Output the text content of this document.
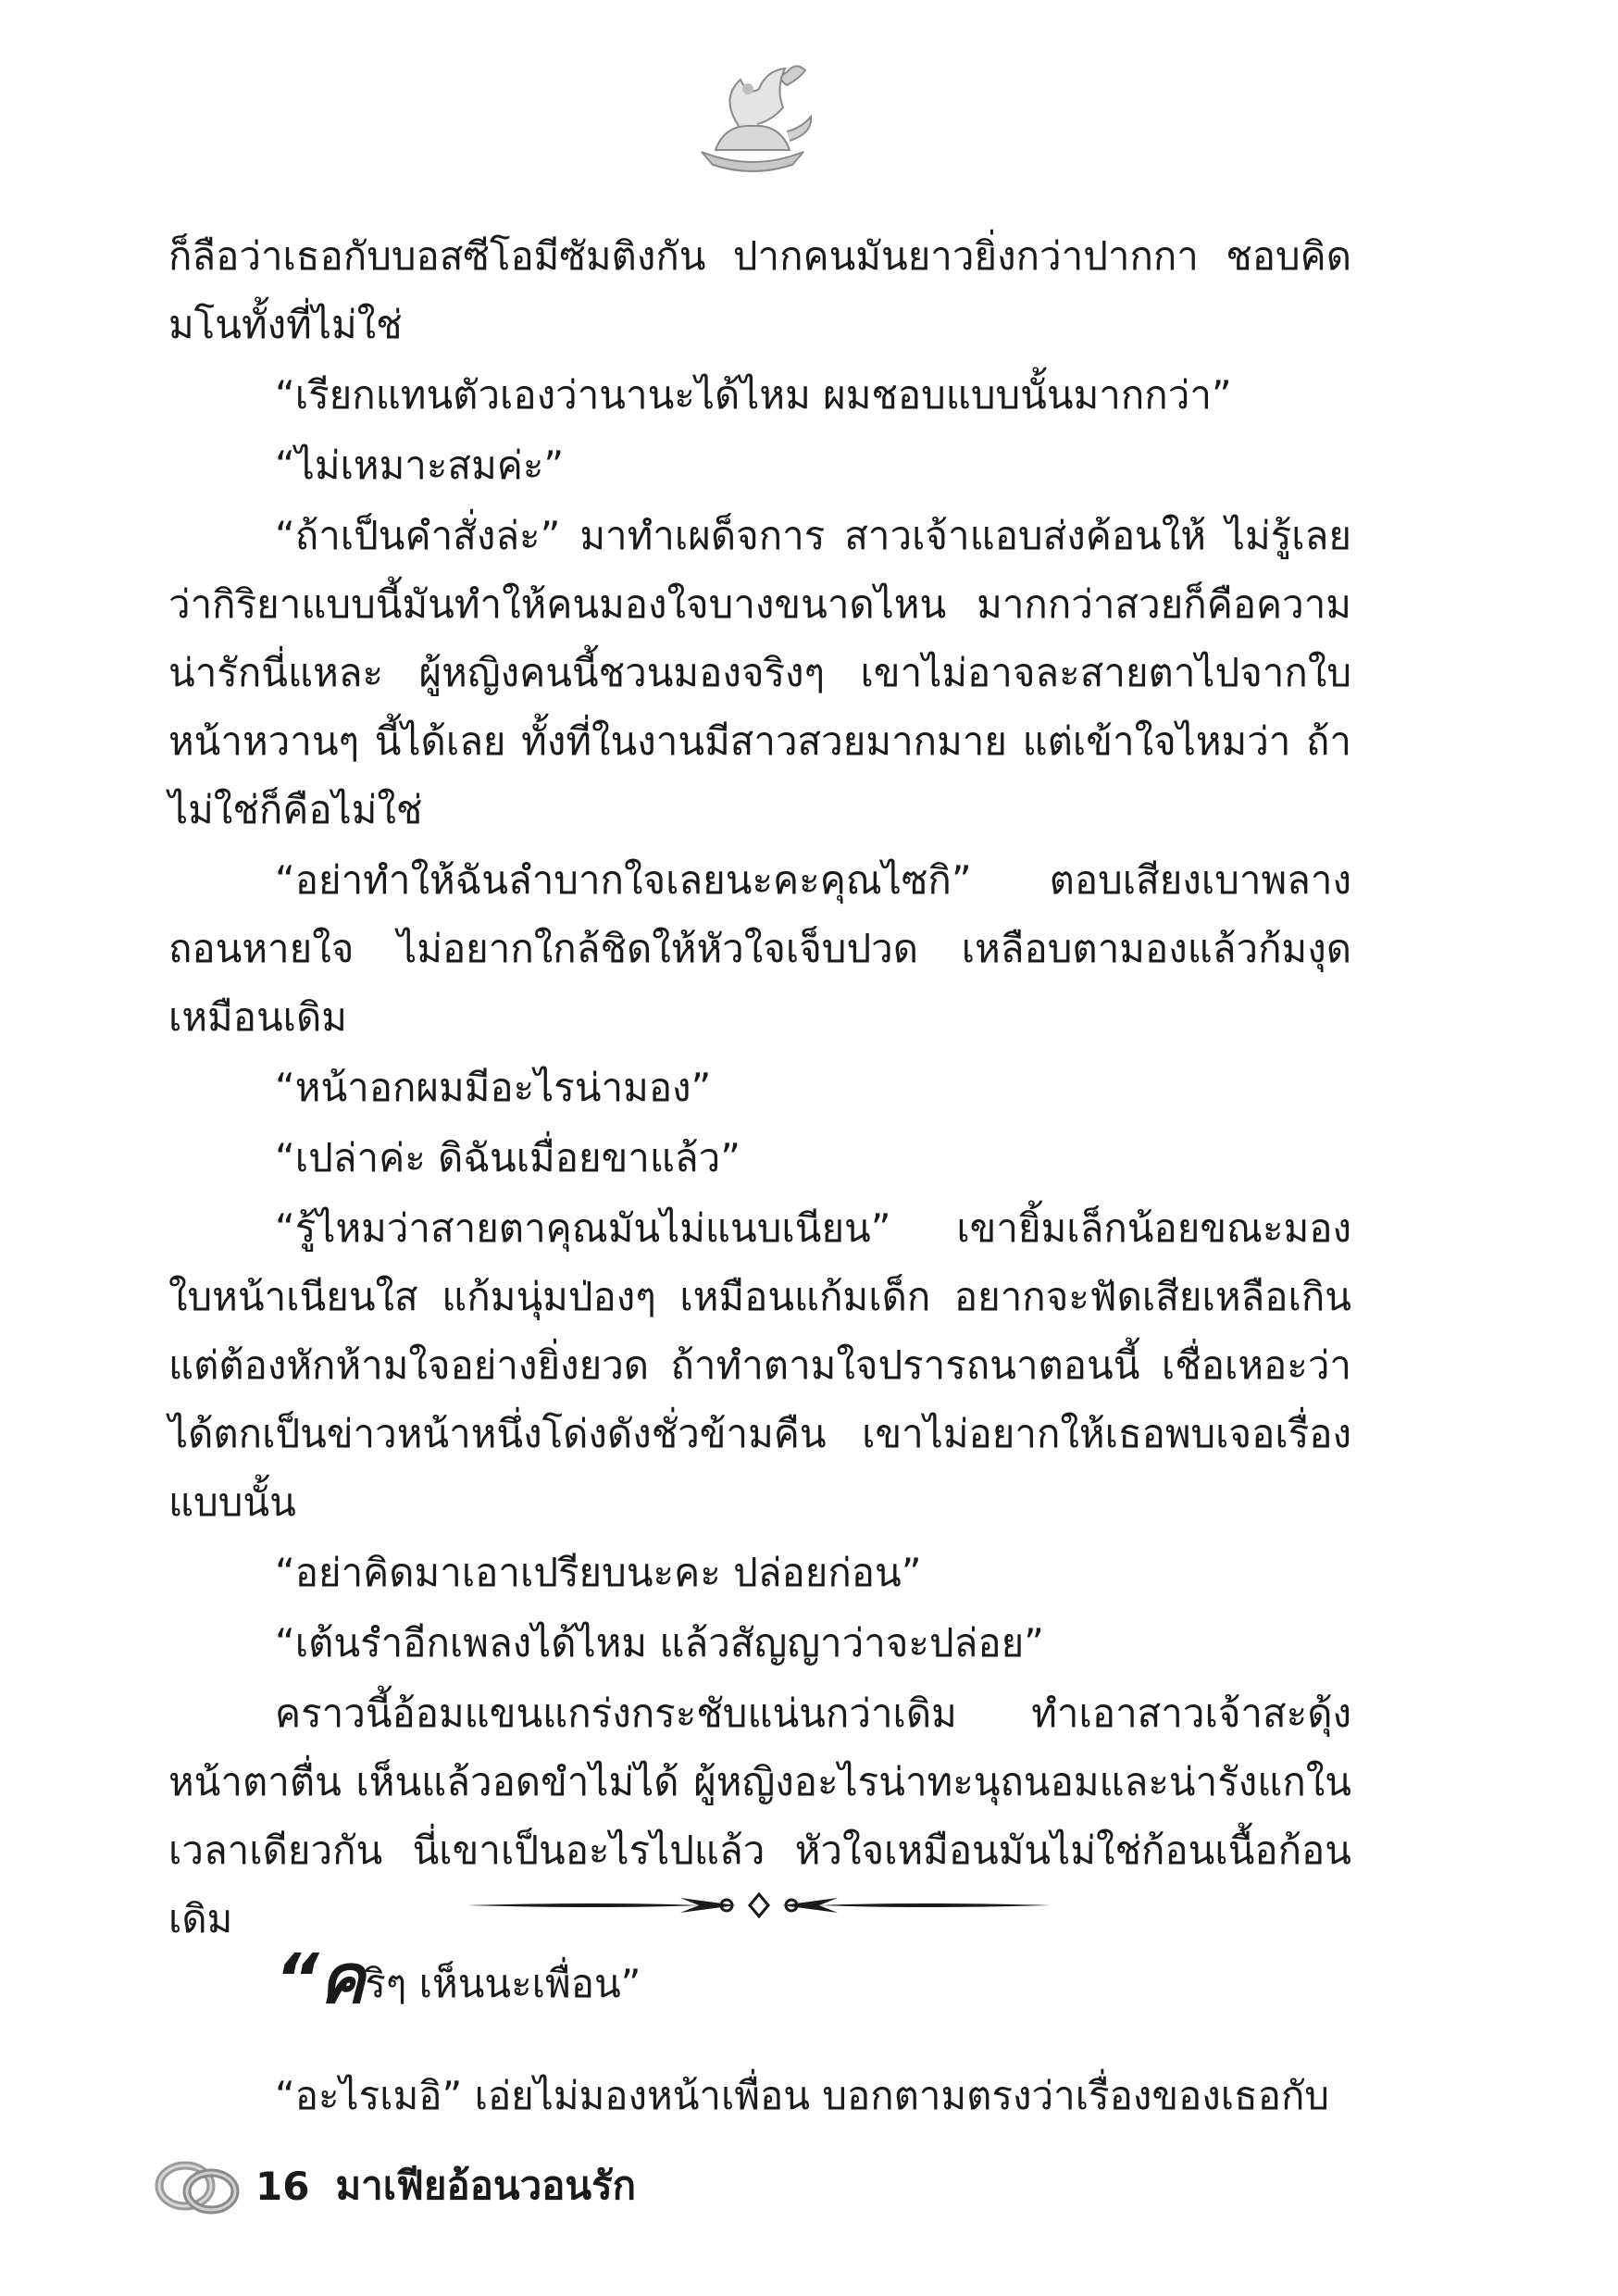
ก็ลือว่าเธอกับบอสซีโอมีซัมติงกัน ปากคนมันยาวยิ่งกว่าปากกา ชอบคิดมโนทั้งที่ไม่ใช่

“เรียกแทนตัวเองว่านานะได้ไหม ผมชอบแบบนั้นมากกว่า”

“ไม่เหมาะสมค่ะ”

“ถ้าเป็นคำสั่งล่ะ” มาทำเผด็จการ สาวเจ้าแอบส่งค้อนให้ ไม่รู้เลยว่ากิริยาแบบนี้มันทำให้คนมองใจบางขนาดไหน มากกว่าสวยก็คือความน่ารักนี่แหละ ผู้หญิงคนนี้ชวนมองจริงๆ เขาไม่อาจละสายตาไปจากใบหน้าหวานๆ นี้ได้เลย ทั้งที่ในงานมีสาวสวยมากมาย แต่เข้าใจไหมว่า ถ้าไม่ใช่ก็คือไม่ใช่

“อย่าทำให้ฉันลำบากใจเลยนะคะคุณไซกิ” ตอบเสียงเบาพลางถอนหายใจ ไม่อยากใกล้ชิดให้หัวใจเจ็บปวด เหลือบตามองแล้วก้มงุดเหมือนเดิม

“หน้าอกผมมีอะไรน่ามอง”

“เปล่าค่ะ ดิฉันเมื่อยขาแล้ว”

“รู้ไหมว่าสายตาคุณมันไม่แนบเนียน” เขายิ้มเล็กน้อยขณะมองใบหน้าเนียนใส แก้มนุ่มป่องๆ เหมือนแก้มเด็ก อยากจะฟัดเสียเหลือเกิน แต่ต้องหักห้ามใจอย่างยิ่งยวด ถ้าทำตามใจปรารถนาตอนนี้ เชื่อเหอะว่าได้ตกเป็นข่าวหน้าหนึ่งโด่งดังชั่วข้ามคืน เขาไม่อยากให้เธอพบเจอเรื่องแบบนั้น

“อย่าคิดมาเอาเปรียบนะคะ ปล่อยก่อน”

“เต้นรำอีกเพลงได้ไหม แล้วสัญญาว่าจะปล่อย”

คราวนี้อ้อมแขนแกร่งกระชับแน่นกว่าเดิม ทำเอาสาวเจ้าสะดุ้งหน้าตาตื่น เห็นแล้วอดขำไม่ได้ ผู้หญิงอะไรน่าทะนุถนอมและน่ารังแกในเวลาเดียวกัน นี่เขาเป็นอะไรไปแล้ว หัวใจเหมือนมันไม่ใช่ก้อนเนื้อก้อนเดิม

“คริๆ เห็นนะเพื่อน”

“อะไรเมอิ” เอ่ยไม่มองหน้าเพื่อน บอกตามตรงว่าเรื่องของเธอกับ

16 มาเฟียอ้อนวอนรัก
